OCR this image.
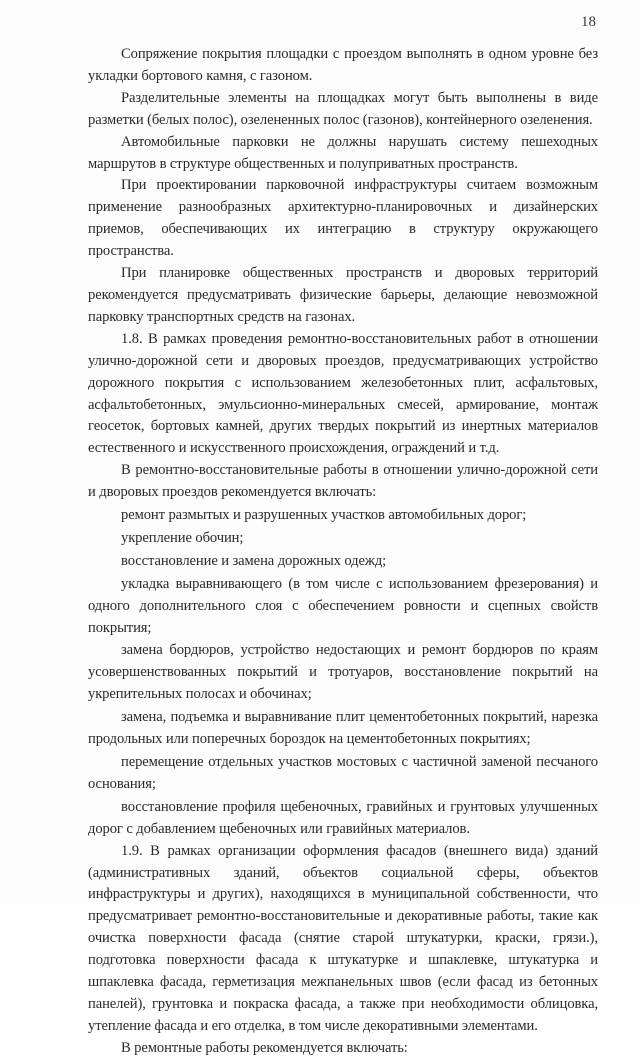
18

Сопряжение покрытия площадки с проездом выполнять в одном уровне без укладки бортового камня, с газоном.

Разделительные элементы на площадках могут быть выполнены в виде разметки (белых полос), озелененных полос (газонов), контейнерного озеленения.

Автомобильные парковки не должны нарушать систему пешеходных маршрутов в структуре общественных и полуприватных пространств.

При проектировании парковочной инфраструктуры считаем возможным применение разнообразных архитектурно-планировочных и дизайнерских приемов, обеспечивающих их интеграцию в структуру окружающего пространства.

При планировке общественных пространств и дворовых территорий рекомендуется предусматривать физические барьеры, делающие невозможной парковку транспортных средств на газонах.

1.8. В рамках проведения ремонтно-восстановительных работ в отношении улично-дорожной сети и дворовых проездов, предусматривающих устройство дорожного покрытия с использованием железобетонных плит, асфальтовых, асфальтобетонных, эмульсионно-минеральных смесей, армирование, монтаж геосеток, бортовых камней, других твердых покрытий из инертных материалов естественного и искусственного происхождения, ограждений и т.д.

В ремонтно-восстановительные работы в отношении улично-дорожной сети и дворовых проездов рекомендуется включать:

ремонт размытых и разрушенных участков автомобильных дорог;

укрепление обочин;

восстановление и замена дорожных одежд;

укладка выравнивающего (в том числе с использованием фрезерования) и одного дополнительного слоя с обеспечением ровности и сцепных свойств покрытия;

замена бордюров, устройство недостающих и ремонт бордюров по краям усовершенствованных покрытий и тротуаров, восстановление покрытий на укрепительных полосах и обочинах;

замена, подъемка и выравнивание плит цементобетонных покрытий, нарезка продольных или поперечных бороздок на цементобетонных покрытиях;

перемещение отдельных участков мостовых с частичной заменой песчаного основания;

восстановление профиля щебеночных, гравийных и грунтовых улучшенных дорог с добавлением щебеночных или гравийных материалов.

1.9. В рамках организации оформления фасадов (внешнего вида) зданий (административных зданий, объектов социальной сферы, объектов инфраструктуры и других), находящихся в муниципальной собственности, что предусматривает ремонтно-восстановительные и декоративные работы, такие как очистка поверхности фасада (снятие старой штукатурки, краски, грязи.), подготовка поверхности фасада к штукатурке и шпаклевке, штукатурка и шпаклевка фасада, герметизация межпанельных швов (если фасад из бетонных панелей), грунтовка и покраска фасада, а также при необходимости облицовка, утепление фасада и его отделка, в том числе декоративными элементами.

В ремонтные работы рекомендуется включать:
